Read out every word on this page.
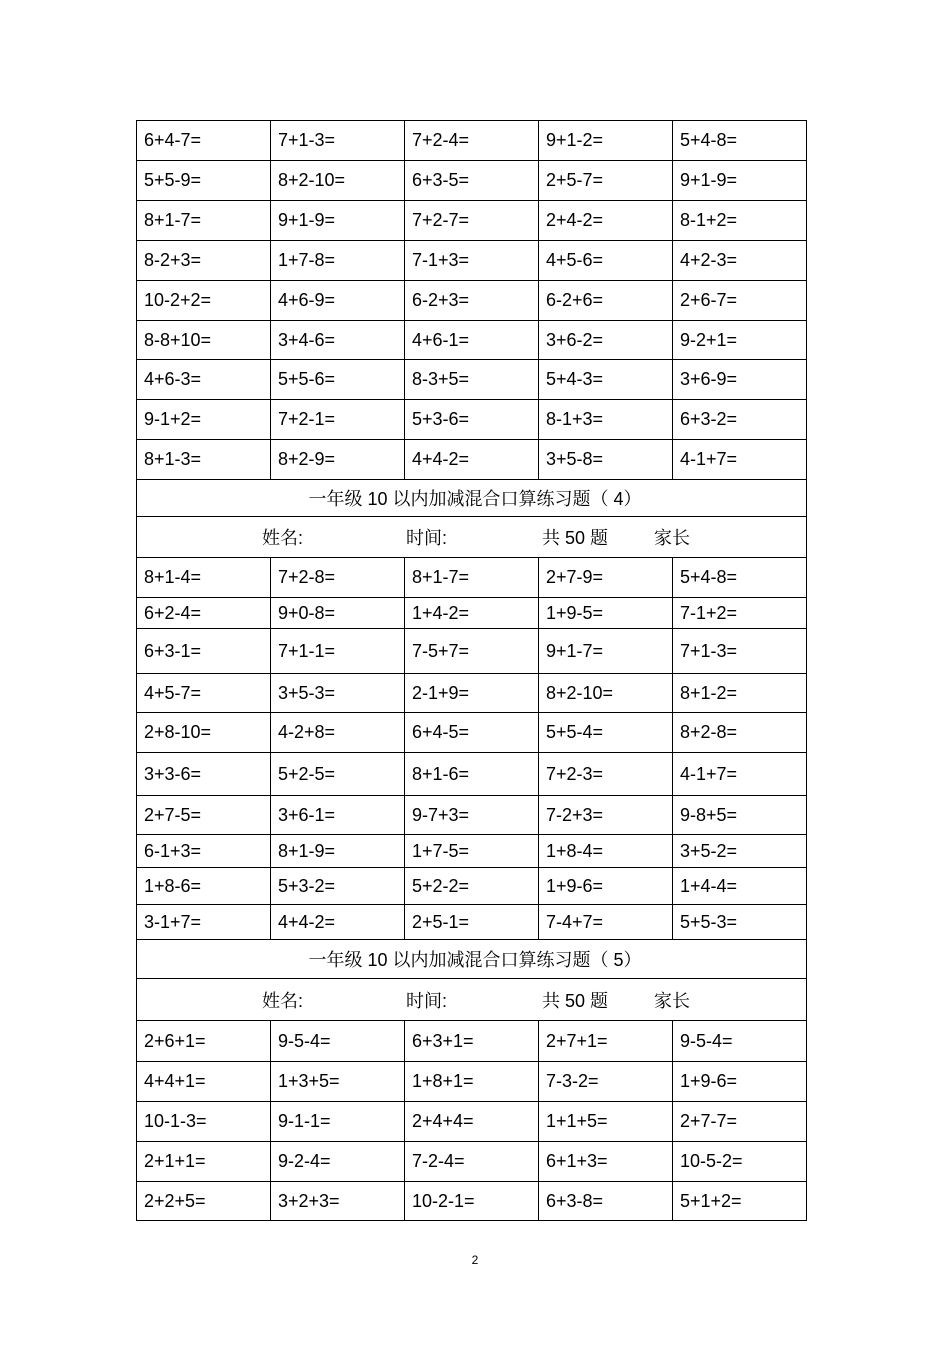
6+4-7=	7+1-3=	7+2-4=	9+1-2=	5+4-8=
5+5-9=	8+2-10=	6+3-5=	2+5-7=	9+1-9=
8+1-7=	9+1-9=	7+2-7=	2+4-2=	8-1+2=
8-2+3=	1+7-8=	7-1+3=	4+5-6=	4+2-3=
10-2+2=	4+6-9=	6-2+3=	6-2+6=	2+6-7=
8-8+10=	3+4-6=	4+6-1=	3+6-2=	9-2+1=
4+6-3=	5+5-6=	8-3+5=	5+4-3=	3+6-9=
9-1+2=	7+2-1=	5+3-6=	8-1+3=	6+3-2=
8+1-3=	8+2-9=	4+4-2=	3+5-8=	4-1+7=
一年级 10 以内加减混合口算练习题（ 4）				

姓名: 时间: 共 50 题 家长				

8+1-4=	7+2-8=	8+1-7=	2+7-9=	5+4-8=
6+2-4=	9+0-8=	1+4-2=	1+9-5=	7-1+2=
6+3-1=	7+1-1=	7-5+7=	9+1-7=	7+1-3=
4+5-7=	3+5-3=	2-1+9=	8+2-10=	8+1-2=
2+8-10=	4-2+8=	6+4-5=	5+5-4=	8+2-8=
3+3-6=	5+2-5=	8+1-6=	7+2-3=	4-1+7=
2+7-5=	3+6-1=	9-7+3=	7-2+3=	9-8+5=
6-1+3=	8+1-9=	1+7-5=	1+8-4=	3+5-2=
1+8-6=	5+3-2=	5+2-2=	1+9-6=	1+4-4=
3-1+7=	4+4-2=	2+5-1=	7-4+7=	5+5-3=
一年级 10 以内加减混合口算练习题（ 5）				

姓名: 时间: 共 50 题 家长				

2+6+1=	9-5-4=	6+3+1=	2+7+1=	9-5-4=
4+4+1=	1+3+5=	1+8+1=	7-3-2=	1+9-6=
10-1-3=	9-1-1=	2+4+4=	1+1+5=	2+7-7=
2+1+1=	9-2-4=	7-2-4=	6+1+3=	10-5-2=
2+2+5=	3+2+3=	10-2-1=	6+3-8=	5+1+2=
2
